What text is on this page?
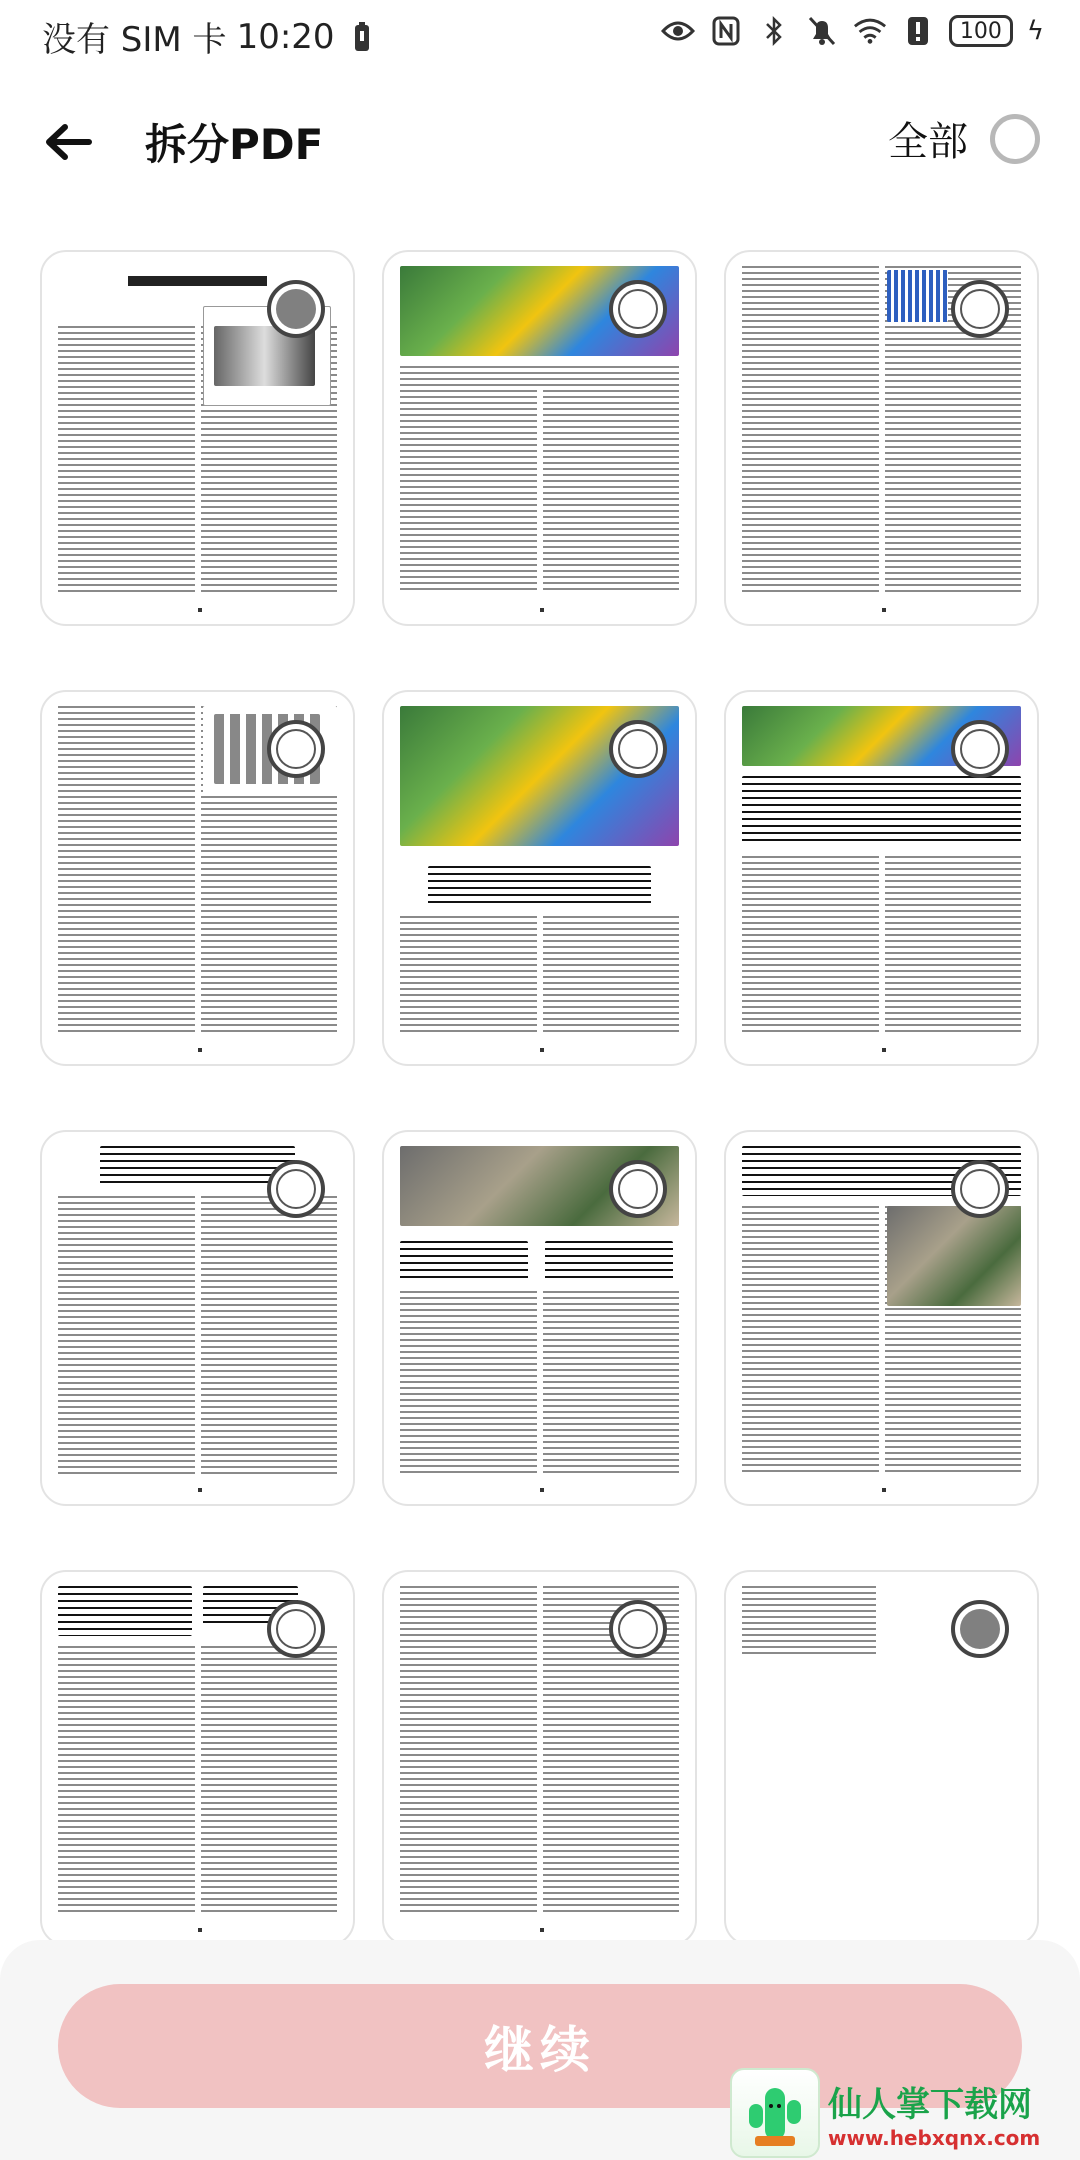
没有 SIM 卡 10:20	100 ϟ
拆分PDF	全部
继续
仙人掌下载网
www.hebxqnx.com
